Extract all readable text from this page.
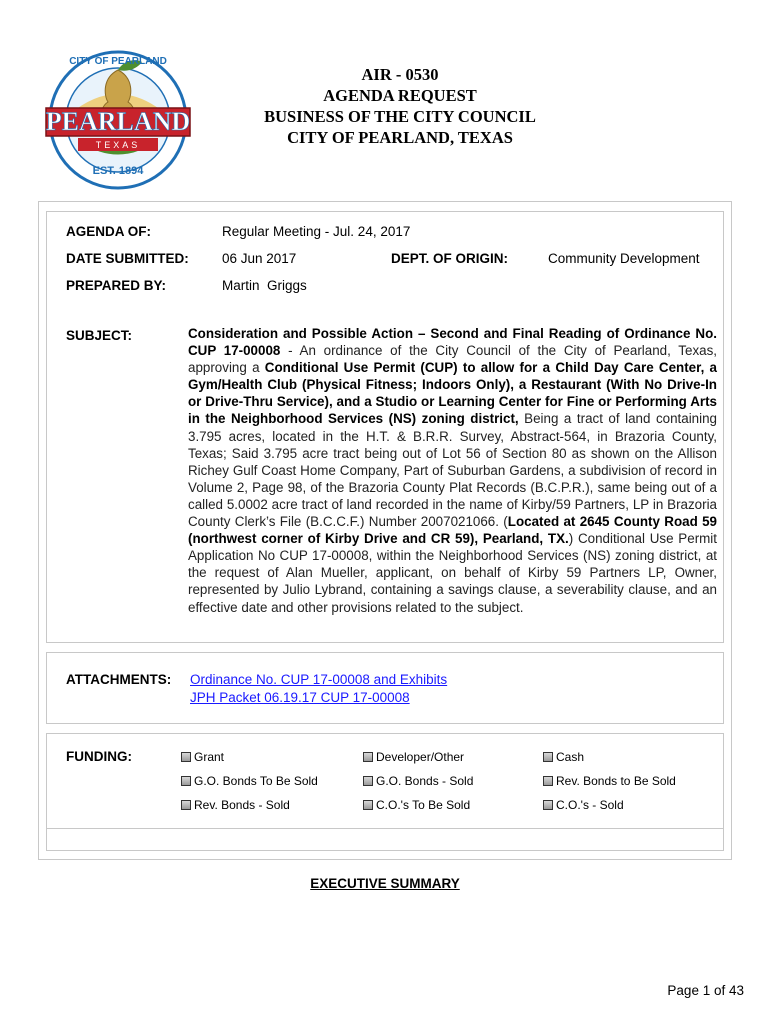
CITY OF PEARLAND
PEARLAND
TEXAS
EST. 1894
AIR - 0530
AGENDA REQUEST
BUSINESS OF THE CITY COUNCIL
CITY OF PEARLAND, TEXAS
AGENDA OF:	Regular Meeting - Jul. 24, 2017
DATE SUBMITTED: 06 Jun 2017	DEPT. OF ORIGIN:	Community Development
PREPARED BY:	Martin  Griggs
SUBJECT:	Consideration and Possible Action – Second and Final Reading of Ordinance No. CUP 17-00008 - An ordinance of the City Council of the City of Pearland, Texas, approving a Conditional Use Permit (CUP) to allow for a Child Day Care Center, a Gym/Health Club (Physical Fitness; Indoors Only), a Restaurant (With No Drive-In or Drive-Thru Service), and a Studio or Learning Center for Fine or Performing Arts in the Neighborhood Services (NS) zoning district, Being a tract of land containing 3.795 acres, located in the H.T. & B.R.R. Survey, Abstract-564, in Brazoria County, Texas; Said 3.795 acre tract being out of Lot 56 of Section 80 as shown on the Allison Richey Gulf Coast Home Company, Part of Suburban Gardens, a subdivision of record in Volume 2, Page 98, of the Brazoria County Plat Records (B.C.P.R.), same being out of a called 5.0002 acre tract of land recorded in the name of Kirby/59 Partners, LP in Brazoria County Clerk’s File (B.C.C.F.) Number 2007021066. (Located at 2645 County Road 59 (northwest corner of Kirby Drive and CR 59), Pearland, TX.) Conditional Use Permit Application No CUP 17-00008, within the Neighborhood Services (NS) zoning district, at the request of Alan Mueller, applicant, on behalf of Kirby 59 Partners LP, Owner, represented by Julio Lybrand, containing a savings clause, a severability clause, and an effective date and other provisions related to the subject.
ATTACHMENTS: Ordinance No. CUP 17-00008 and Exhibits
JPH Packet 06.19.17 CUP 17-00008
FUNDING:	Grant	Developer/Other	Cash
G.O. Bonds To Be Sold	G.O. Bonds - Sold	Rev. Bonds to Be Sold
Rev. Bonds - Sold	C.O.'s To Be Sold	C.O.'s - Sold
EXECUTIVE SUMMARY
Page 1 of 43
